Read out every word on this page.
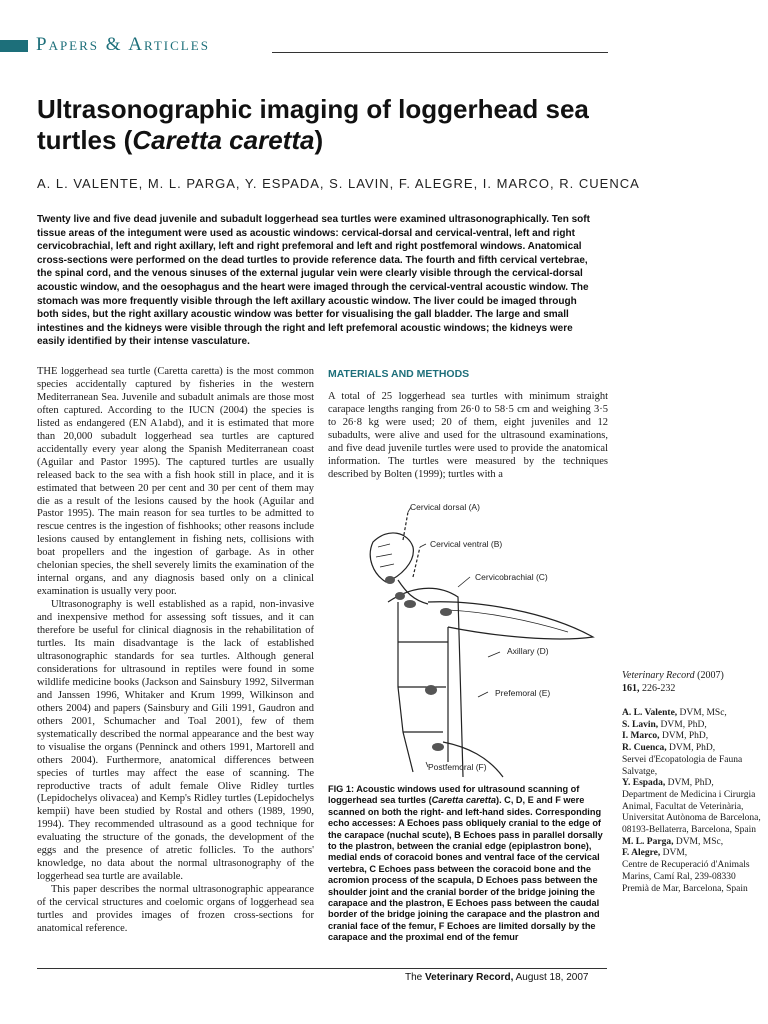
Papers & Articles
Ultrasonographic imaging of loggerhead sea turtles (Caretta caretta)
A. L. VALENTE, M. L. PARGA, Y. ESPADA, S. LAVIN, F. ALEGRE, I. MARCO, R. CUENCA
Twenty live and five dead juvenile and subadult loggerhead sea turtles were examined ultrasonographically. Ten soft tissue areas of the integument were used as acoustic windows: cervical-dorsal and cervical-ventral, left and right cervicobrachial, left and right axillary, left and right prefemoral and left and right postfemoral windows. Anatomical cross-sections were performed on the dead turtles to provide reference data. The fourth and fifth cervical vertebrae, the spinal cord, and the venous sinuses of the external jugular vein were clearly visible through the cervical-dorsal acoustic window, and the oesophagus and the heart were imaged through the cervical-ventral acoustic window. The stomach was more frequently visible through the left axillary acoustic window. The liver could be imaged through both sides, but the right axillary acoustic window was better for visualising the gall bladder. The large and small intestines and the kidneys were visible through the right and left prefemoral acoustic windows; the kidneys were easily identified by their intense vasculature.

THE loggerhead sea turtle (Caretta caretta) is the most common species accidentally captured by fisheries in the western Mediterranean Sea. Juvenile and subadult animals are those most often captured. According to the IUCN (2004) the species is listed as endangered (EN A1abd), and it is estimated that more than 20,000 subadult loggerhead sea turtles are captured accidentally every year along the Spanish Mediterranean coast (Aguilar and Pastor 1995). The captured turtles are usually released back to the sea with a fish hook still in place, and it is estimated that between 20 per cent and 30 per cent of them may die as a result of the lesions caused by the hook (Aguilar and Pastor 1995). The main reason for sea turtles to be admitted to rescue centres is the ingestion of fishhooks; other reasons include lesions caused by entanglement in fishing nets, collisions with boat propellers and the ingestion of garbage. As in other chelonian species, the shell severely limits the examination of the internal organs, and any diagnosis based only on a clinical examination is usually very poor.

Ultrasonography is well established as a rapid, non-invasive and inexpensive method for assessing soft tissues, and it can therefore be useful for clinical diagnosis in the rehabilitation of turtles. Its main disadvantage is the lack of established ultrasonographic standards for sea turtles. Although general considerations for ultrasound in reptiles were found in some wildlife medicine books (Jackson and Sainsbury 1992, Silverman and Janssen 1996, Whitaker and Krum 1999, Wilkinson and others 2004) and papers (Sainsbury and Gili 1991, Gaudron and others 2001, Schumacher and Toal 2001), few of them systematically described the normal appearance and the best way to visualise the organs (Penninck and others 1991, Martorell and others 2004). Furthermore, anatomical differences between species of turtles may affect the ease of scanning. The reproductive tracts of adult female Olive Ridley turtles (Lepidochelys olivacea) and Kemp's Ridley turtles (Lepidochelys kempii) have been studied by Rostal and others (1989, 1990, 1994). They recommended ultrasound as a good technique for evaluating the structure of the gonads, the development of the eggs and the presence of atretic follicles. To the authors' knowledge, no data about the normal ultrasonography of the loggerhead sea turtle are available.

This paper describes the normal ultrasonographic appearance of the cervical structures and coelomic organs of loggerhead sea turtles and provides images of frozen cross-sections for anatomical reference.

MATERIALS AND METHODS
A total of 25 loggerhead sea turtles with minimum straight carapace lengths ranging from 26·0 to 58·5 cm and weighing 3·5 to 26·8 kg were used; 20 of them, eight juveniles and 12 subadults, were alive and used for the ultrasound examinations, and five dead juvenile turtles were used to provide the anatomical information. The turtles were measured by the techniques described by Bolten (1999); turtles with a
Cervical dorsal (A)
Cervical ventral (B)
Cervicobrachial (C)
Axillary (D)
Prefemoral (E)
Postfemoral (F)
FIG 1: Acoustic windows used for ultrasound scanning of loggerhead sea turtles (Caretta caretta). C, D, E and F were scanned on both the right- and left-hand sides. Corresponding echo accesses: A Echoes pass obliquely cranial to the edge of the carapace (nuchal scute), B Echoes pass in parallel dorsally to the plastron, between the cranial edge (epiplastron bone), medial ends of coracoid bones and ventral face of the cervical vertebra, C Echoes pass between the coracoid bone and the acromion process of the scapula, D Echoes pass between the shoulder joint and the cranial border of the bridge joining the carapace and the plastron, E Echoes pass between the caudal border of the bridge joining the carapace and the plastron and cranial face of the femur, F Echoes are limited dorsally by the carapace and the proximal end of the femur
Veterinary Record (2007)
161, 226-232
A. L. Valente, DVM, MSc,
S. Lavin, DVM, PhD,
I. Marco, DVM, PhD,
R. Cuenca, DVM, PhD,
Servei d'Ecopatologia de Fauna Salvatge,
Y. Espada, DVM, PhD,
Department de Medicina i Cirurgia Animal, Facultat de Veterinària, Universitat Autònoma de Barcelona, 08193-Bellaterra, Barcelona, Spain
M. L. Parga, DVM, MSc,
F. Alegre, DVM,
Centre de Recuperació d'Animals Marins, Camí Ral, 239-08330 Premià de Mar, Barcelona, Spain
The Veterinary Record, August 18, 2007
